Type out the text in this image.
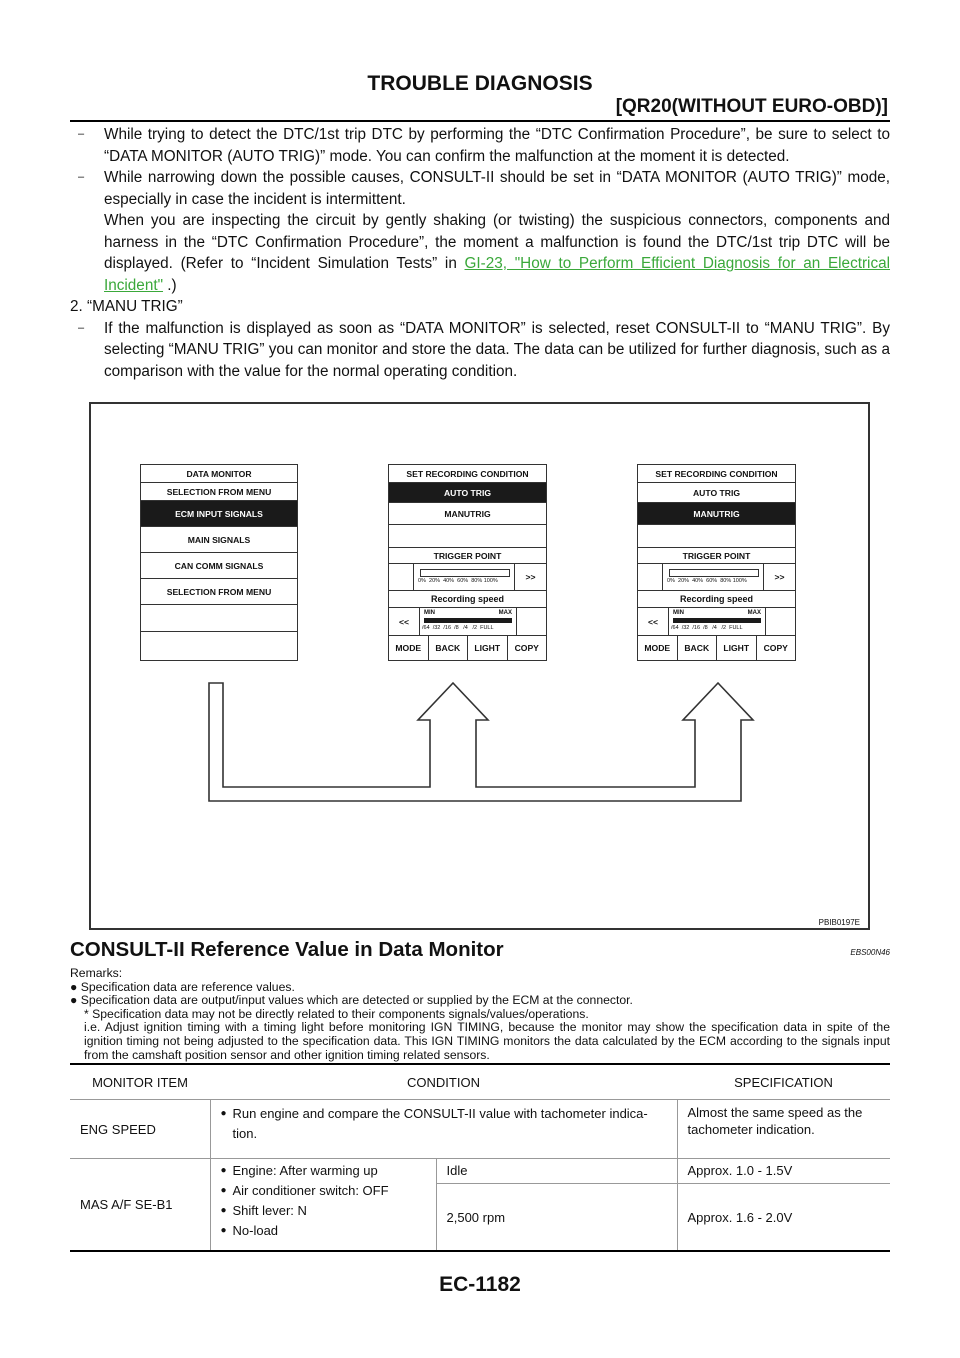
TROUBLE DIAGNOSIS
[QR20(WITHOUT EURO-OBD)]

– While trying to detect the DTC/1st trip DTC by performing the “DTC Confirmation Procedure”, be sure to select to “DATA MONITOR (AUTO TRIG)” mode. You can confirm the malfunction at the moment it is detected.

– While narrowing down the possible causes, CONSULT-II should be set in “DATA MONITOR (AUTO TRIG)” mode, especially in case the incident is intermittent.
When you are inspecting the circuit by gently shaking (or twisting) the suspicious connectors, components and harness in the “DTC Confirmation Procedure”, the moment a malfunction is found the DTC/1st trip DTC will be displayed. (Refer to “Incident Simulation Tests” in GI-23, "How to Perform Efficient Diagnosis for an Electrical Incident" .)

2. “MANU TRIG”

– If the malfunction is displayed as soon as “DATA MONITOR” is selected, reset CONSULT-II to “MANU TRIG”. By selecting “MANU TRIG” you can monitor and store the data. The data can be utilized for further diagnosis, such as a comparison with the value for the normal operating condition.

DATA MONITOR
SELECTION FROM MENU
ECM INPUT SIGNALS
MAIN SIGNALS
CAN COMM SIGNALS
SELECTION FROM MENU
SET RECORDING CONDITION
AUTO TRIG
MANUTRIG
TRIGGER POINT
0%  20%  40%  60%  80% 100%	>>
Recording speed
<<
MIN	MAX
/64  /32  /16  /8   /4   /2  FULL
MODE	BACK	LIGHT	COPY
SET RECORDING CONDITION
AUTO TRIG
MANUTRIG
TRIGGER POINT
0%  20%  40%  60%  80% 100%	>>
Recording speed
<<
MIN	MAX
/64  /32  /16  /8   /4   /2  FULL
MODE	BACK	LIGHT	COPY
PBIB0197E
CONSULT-II Reference Value in Data Monitor	EBS00N46

Remarks:

● Specification data are reference values.

● Specification data are output/input values which are detected or supplied by the ECM at the connector.

* Specification data may not be directly related to their components signals/values/operations.

i.e. Adjust ignition timing with a timing light before monitoring IGN TIMING, because the monitor may show the specification data in spite of the ignition timing not being adjusted to the specification data. This IGN TIMING monitors the data calculated by the ECM according to the signals input from the camshaft position sensor and other ignition timing related sensors.

MONITOR ITEM	CONDITION		SPECIFICATION
ENG SPEED	● Run engine and compare the CONSULT-II value with tachometer indica-tion.		Almost the same speed as the tachometer indication.
MAS A/F SE-B1	● Engine: After warming up
● Air conditioner switch: OFF
● Shift lever: N
● No-load	Idle	Approx. 1.0 - 1.5V
		2,500 rpm	Approx. 1.6 - 2.0V
EC-1182
